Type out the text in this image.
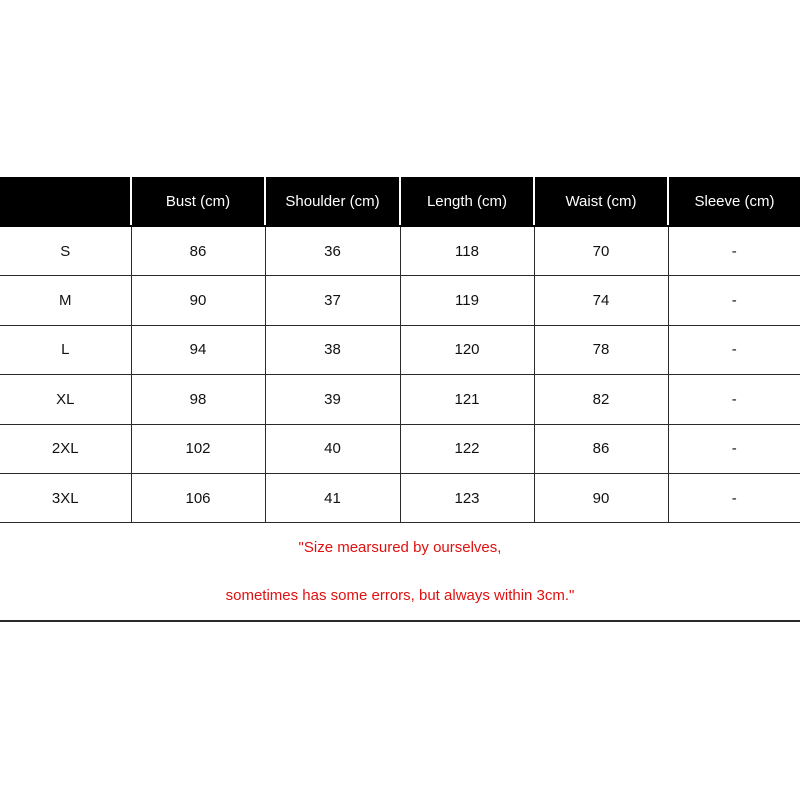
	Bust (cm)	Shoulder (cm)	Length (cm)	Waist (cm)	Sleeve (cm)
S	86	36	118	70	-
M	90	37	119	74	-
L	94	38	120	78	-
XL	98	39	121	82	-
2XL	102	40	122	86	-
3XL	106	41	123	90	-

"Size mearsured by ourselves,
sometimes has some errors, but always within 3cm."					
